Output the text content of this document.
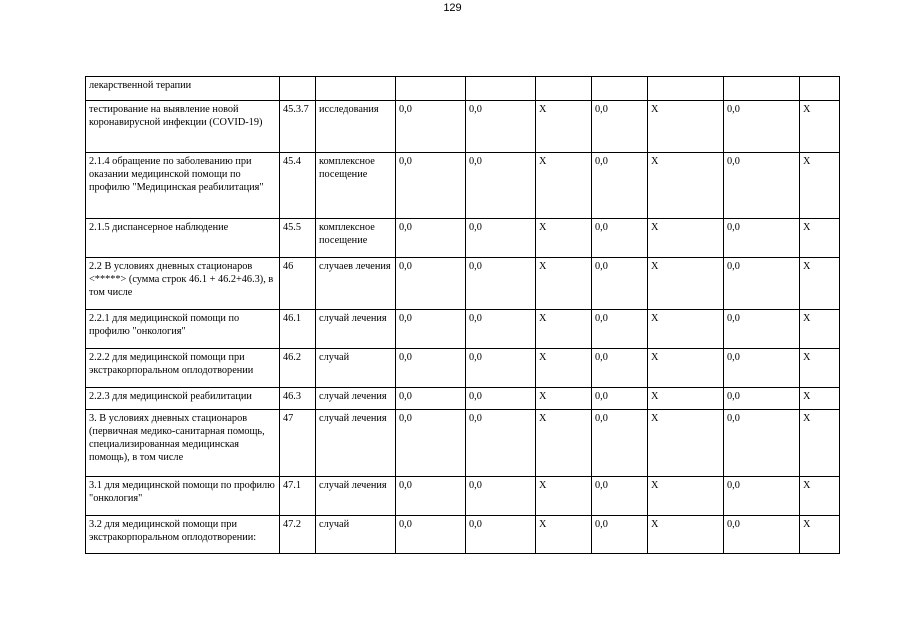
129
лекарственной терапии									
тестирование на выявление новой коронавирусной инфекции (COVID-19)	45.3.7	исследования	0,0	0,0	X	0,0	X	0,0	X
2.1.4 обращение по заболеванию при оказании медицинской помощи по профилю "Медицинская реабилитация"	45.4	комплексное посещение	0,0	0,0	X	0,0	X	0,0	X
2.1.5 диспансерное наблюдение	45.5	комплексное посещение	0,0	0,0	X	0,0	X	0,0	X
2.2 В условиях дневных стационаров <*****> (сумма строк 46.1 + 46.2+46.3), в том числе	46	случаев лечения	0,0	0,0	X	0,0	X	0,0	X
2.2.1 для медицинской помощи по профилю "онкология"	46.1	случай лечения	0,0	0,0	X	0,0	X	0,0	X
2.2.2 для медицинской помощи при экстракорпоральном оплодотворении	46.2	случай	0,0	0,0	X	0,0	X	0,0	X
2.2.3 для медицинской реабилитации	46.3	случай лечения	0,0	0,0	X	0,0	X	0,0	X
3. В условиях дневных стационаров (первичная медико-санитарная помощь, специализированная медицинская помощь), в том числе	47	случай лечения	0,0	0,0	X	0,0	X	0,0	X
3.1 для медицинской помощи по профилю "онкология"	47.1	случай лечения	0,0	0,0	X	0,0	X	0,0	X
3.2 для медицинской помощи при экстракорпоральном оплодотворении:	47.2	случай	0,0	0,0	X	0,0	X	0,0	X
